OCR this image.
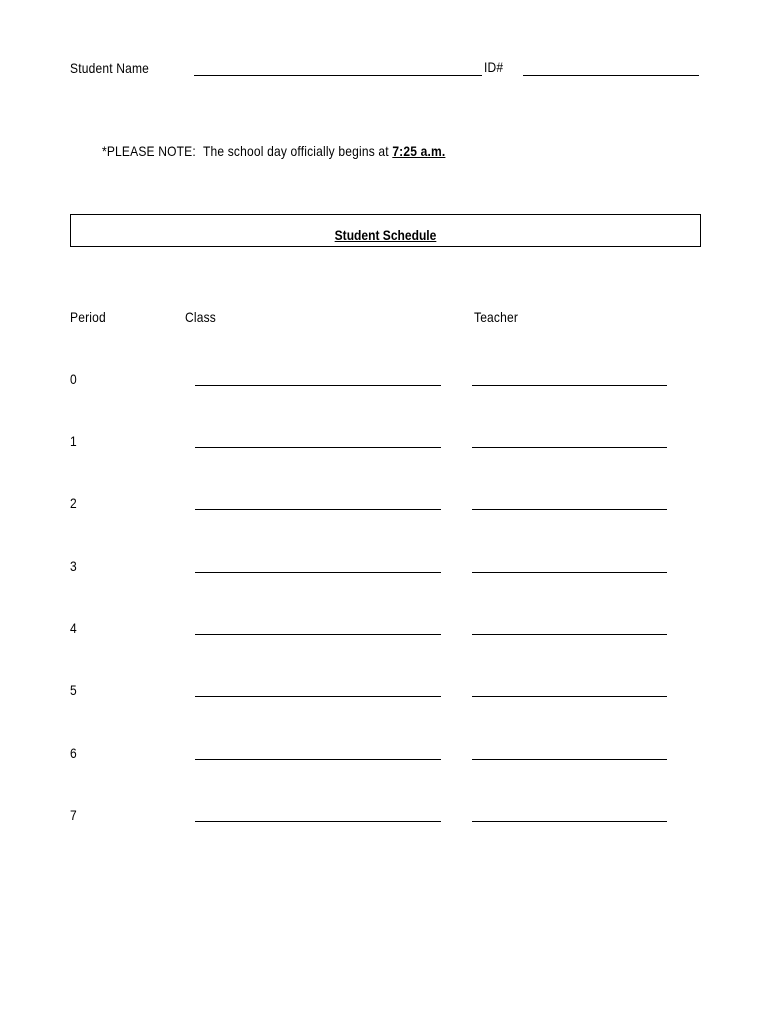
Student Name	ID#
*PLEASE NOTE: The school day officially begins at 7:25 a.m.
Student Schedule
Period	Class	Teacher
0
1
2
3
4
5
6
7
